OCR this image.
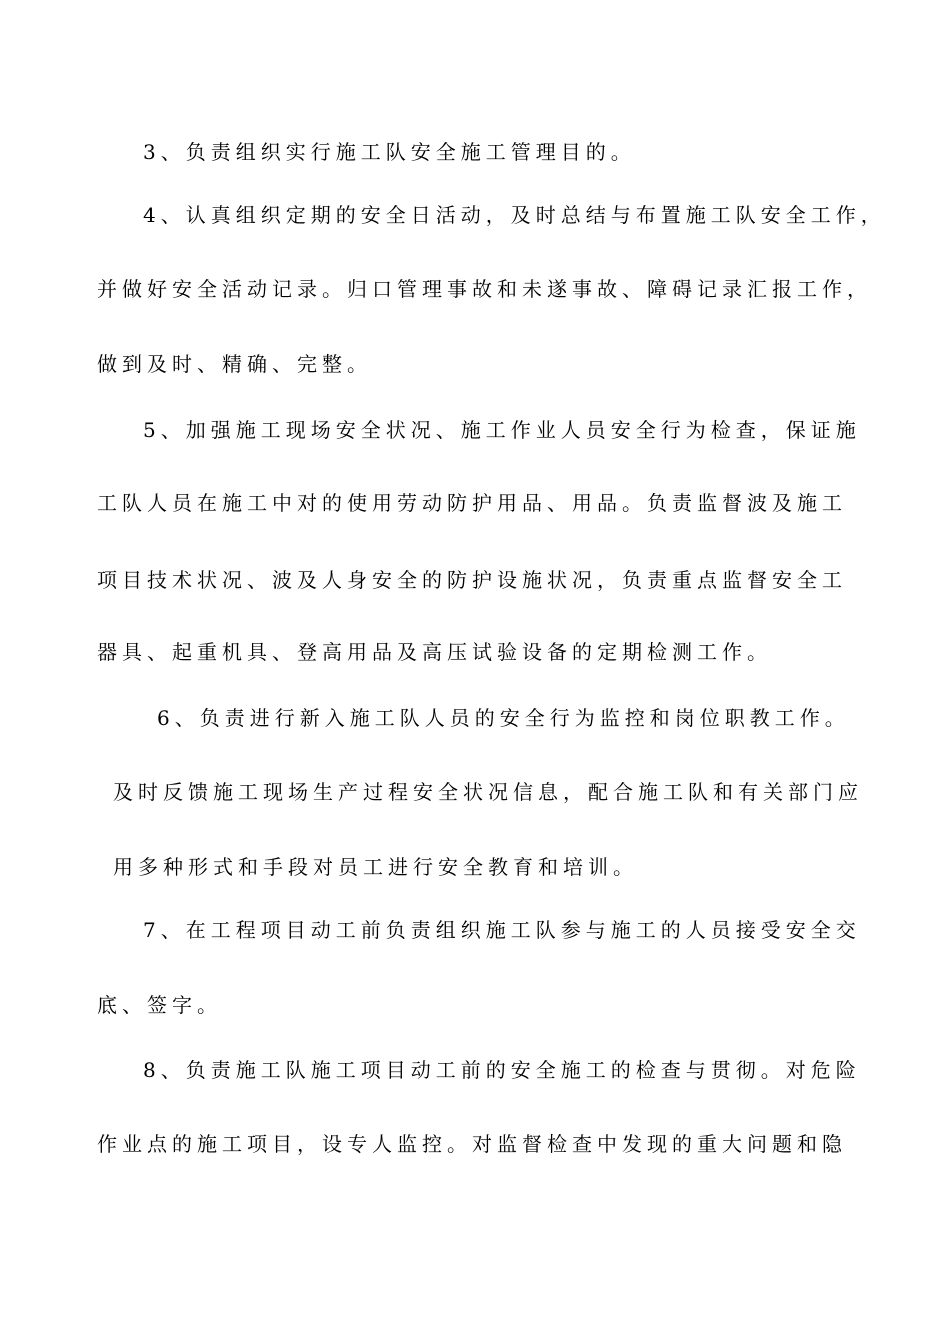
3、负责组织实行施工队安全施工管理目的。
4、认真组织定期的安全日活动，及时总结与布置施工队安全工作，
并做好安全活动记录。归口管理事故和未遂事故、障碍记录汇报工作，
做到及时、精确、完整。
5、加强施工现场安全状况、施工作业人员安全行为检查，保证施
工队人员在施工中对的使用劳动防护用品、用品。负责监督波及施工
项目技术状况、波及人身安全的防护设施状况，负责重点监督安全工
器具、起重机具、登高用品及高压试验设备的定期检测工作。
6、负责进行新入施工队人员的安全行为监控和岗位职教工作。
及时反馈施工现场生产过程安全状况信息，配合施工队和有关部门应
用多种形式和手段对员工进行安全教育和培训。
7、在工程项目动工前负责组织施工队参与施工的人员接受安全交
底、签字。
8、负责施工队施工项目动工前的安全施工的检查与贯彻。对危险
作业点的施工项目，设专人监控。对监督检查中发现的重大问题和隐
